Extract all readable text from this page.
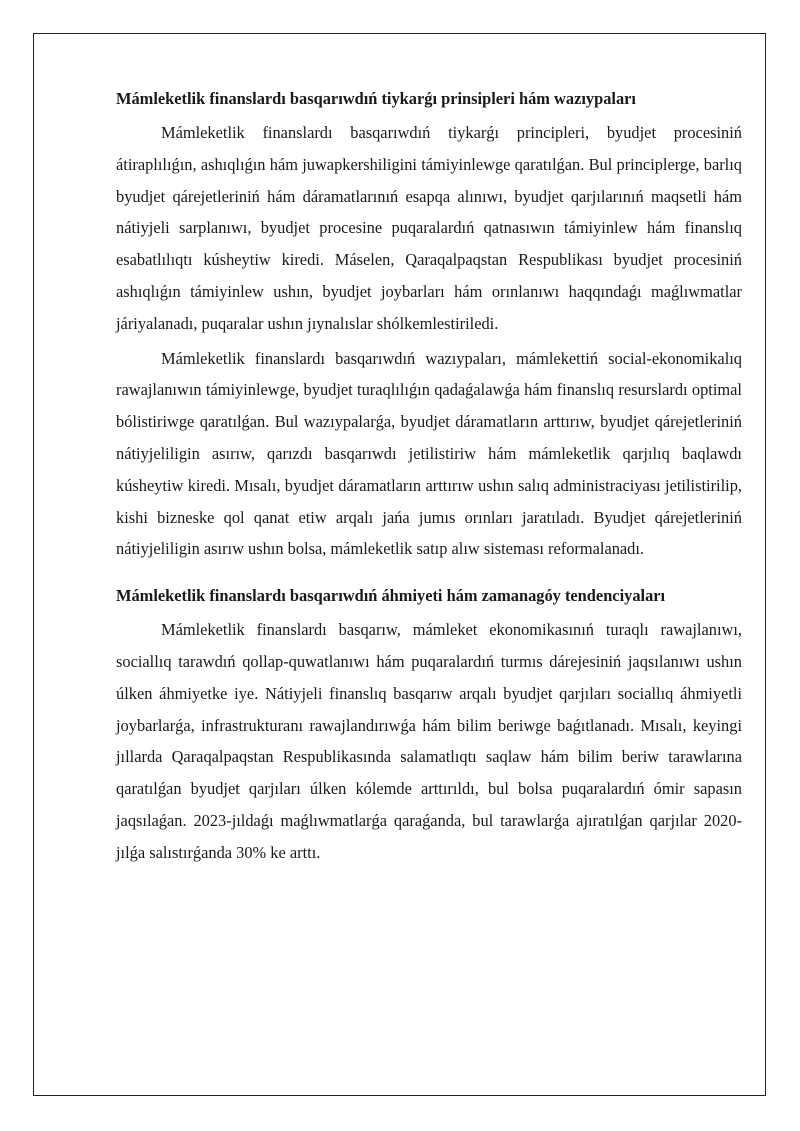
Mámleketlik finanslardı basqarıwdıń tiykarǵı prinsipleri hám wazıypaları

Mámleketlik finanslardı basqarıwdıń tiykarǵı principleri, byudjet procesiniń átiraplılıǵın, ashıqlıǵın hám juwapkershiligini támiyinlewge qaratılǵan. Bul principlerge, barlıq byudjet qárejetleriniń hám dáramatlarınıń esapqa alınıwı, byudjet qarjılarınıń maqsetli hám nátiyjeli sarplanıwı, byudjet procesine puqaralardıń qatnasıwın támiyinlew hám finanslıq esabatlılıqtı kúsheytiw kiredi. Máselen, Qaraqalpaqstan Respublikası byudjet procesiniń ashıqlıǵın támiyinlew ushın, byudjet joybarları hám orınlanıwı haqqındaǵı maǵlıwmatlar járiyalanadı, puqaralar ushın jıynalıslar shólkemlestiriledi.

Mámleketlik finanslardı basqarıwdıń wazıypaları, mámlekettiń social-ekonomikalıq rawajlanıwın támiyinlewge, byudjet turaqlılıǵın qadaǵalawǵa hám finanslıq resurslardı optimal bólistiriwge qaratılǵan. Bul wazıypalarǵa, byudjet dáramatların arttırıw, byudjet qárejetleriniń nátiyjeliligin asırıw, qarızdı basqarıwdı jetilistiriw hám mámleketlik qarjılıq baqlawdı kúsheytiw kiredi. Mısalı, byudjet dáramatların arttırıw ushın salıq administraciyası jetilistirilip, kishi bizneske qol qanat etiw arqalı jańa jumıs orınları jaratıladı. Byudjet qárejetleriniń nátiyjeliligin asırıw ushın bolsa, mámleketlik satıp alıw sisteması reformalanadı.

Mámleketlik finanslardı basqarıwdıń áhmiyeti hám zamanagóy tendenciyaları

Mámleketlik finanslardı basqarıw, mámleket ekonomikasınıń turaqlı rawajlanıwı, sociallıq tarawdıń qollap-quwatlanıwı hám puqaralardıń turmıs dárejesiniń jaqsılanıwı ushın úlken áhmiyetke iye. Nátiyjeli finanslıq basqarıw arqalı byudjet qarjıları sociallıq áhmiyetli joybarlarǵa, infrastrukturanı rawajlandırıwǵa hám bilim beriwge baǵıtlanadı. Mısalı, keyingi jıllarda Qaraqalpaqstan Respublikasında salamatlıqtı saqlaw hám bilim beriw tarawlarına qaratılǵan byudjet qarjıları úlken kólemde arttırıldı, bul bolsa puqaralardıń ómir sapasın jaqsılaǵan. 2023-jıldaǵı maǵlıwmatlarǵa qaraǵanda, bul tarawlarǵa ajıratılǵan qarjılar 2020-jılǵa salıstırǵanda 30% ke arttı.
